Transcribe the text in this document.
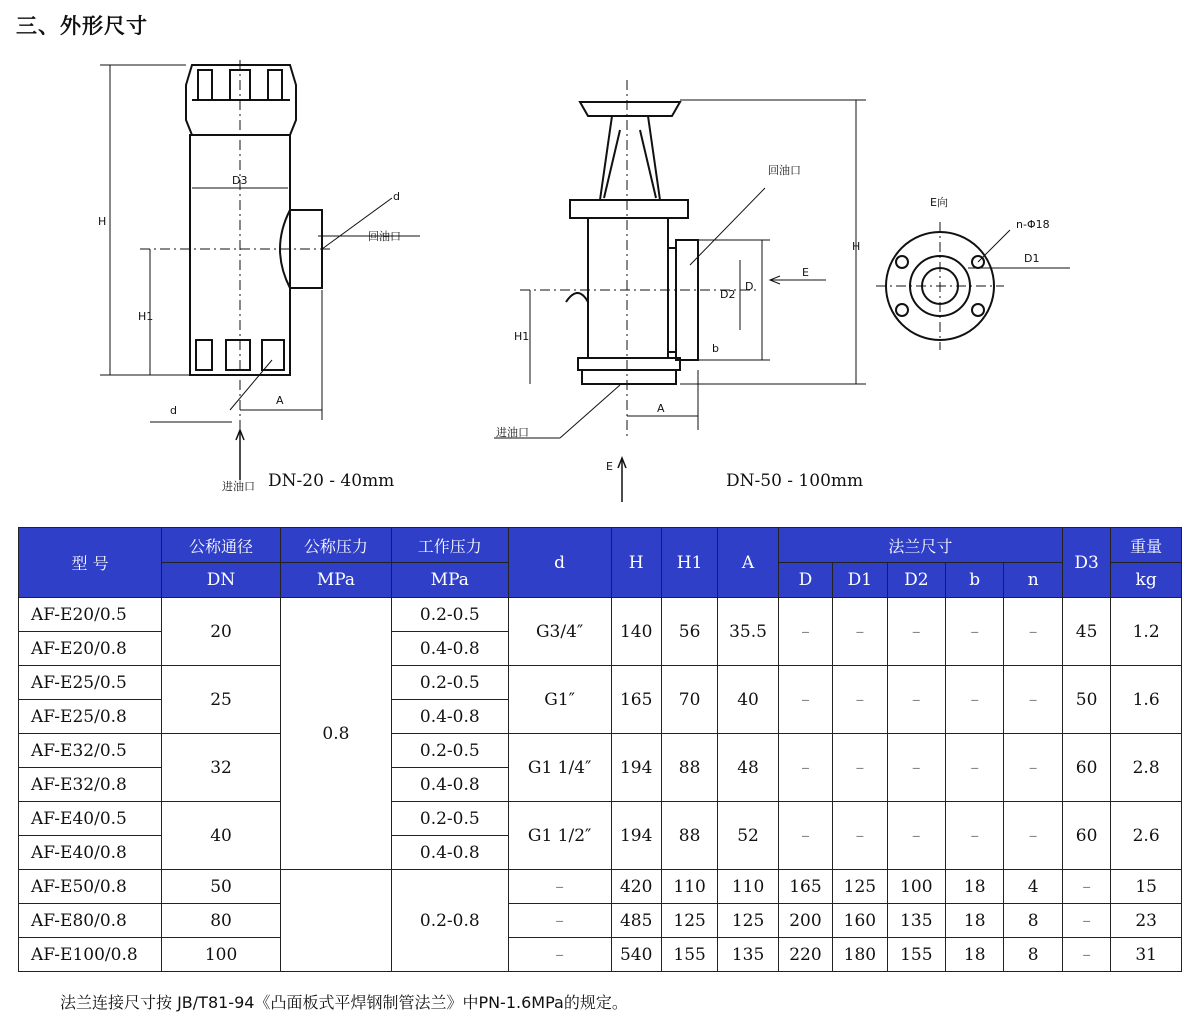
三、外形尺寸
H
H1
D3
d
d
A
回油口
进油口
H
H1
D2
D
E
b
A
回油口
进油口
E向
n-Φ18
D1
E
DN-20 - 40mm	DN-50 - 100mm
型 号	公称通径	公称压力	工作压力	d	H	H1	A	法兰尺寸					D3	重量
	DN	MPa	MPa					D	D1	D2	b	n		kg
AF-E20/0.5	20	0.8	0.2-0.5	G3/4″	140	56	35.5	–	–	–	–	–	45	1.2
AF-E20/0.8			0.4-0.8											
AF-E25/0.5	25		0.2-0.5	G1″	165	70	40	–	–	–	–	–	50	1.6
AF-E25/0.8			0.4-0.8											
AF-E32/0.5	32		0.2-0.5	G1 1/4″	194	88	48	–	–	–	–	–	60	2.8
AF-E32/0.8			0.4-0.8											
AF-E40/0.5	40		0.2-0.5	G1 1/2″	194	88	52	–	–	–	–	–	60	2.6
AF-E40/0.8			0.4-0.8											
AF-E50/0.8	50		0.2-0.8	–	420	110	110	165	125	100	18	4	–	15
AF-E80/0.8	80			–	485	125	125	200	160	135	18	8	–	23
AF-E100/0.8	100			–	540	155	135	220	180	155	18	8	–	31
法兰连接尺寸按 JB/T81-94《凸面板式平焊钢制管法兰》中PN-1.6MPa的规定。
